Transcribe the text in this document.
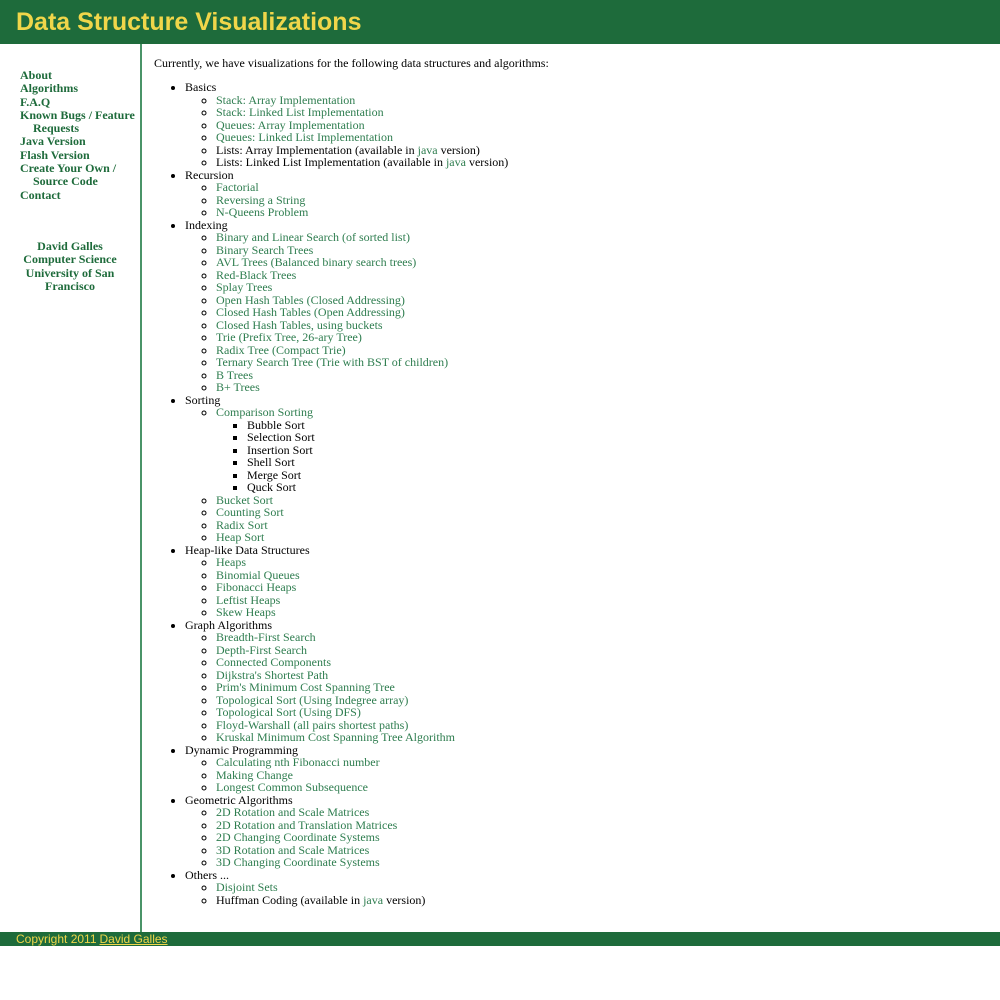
Data Structure Visualizations
About
Algorithms
F.A.Q
Known Bugs / Feature Requests
Java Version
Flash Version
Create Your Own / Source Code
Contact
David Galles
Computer Science
University of San Francisco

Currently, we have visualizations for the following data structures and algorithms:

• Basics
◦ Stack: Array Implementation
◦ Stack: Linked List Implementation
◦ Queues: Array Implementation
◦ Queues: Linked List Implementation
◦ Lists: Array Implementation (available in java version)
◦ Lists: Linked List Implementation (available in java version)
• Recursion
◦ Factorial
◦ Reversing a String
◦ N-Queens Problem
• Indexing
◦ Binary and Linear Search (of sorted list)
◦ Binary Search Trees
◦ AVL Trees (Balanced binary search trees)
◦ Red-Black Trees
◦ Splay Trees
◦ Open Hash Tables (Closed Addressing)
◦ Closed Hash Tables (Open Addressing)
◦ Closed Hash Tables, using buckets
◦ Trie (Prefix Tree, 26-ary Tree)
◦ Radix Tree (Compact Trie)
◦ Ternary Search Tree (Trie with BST of children)
◦ B Trees
◦ B+ Trees
• Sorting
◦ Comparison Sorting
▪ Bubble Sort
▪ Selection Sort
▪ Insertion Sort
▪ Shell Sort
▪ Merge Sort
▪ Quck Sort
◦ Bucket Sort
◦ Counting Sort
◦ Radix Sort
◦ Heap Sort
• Heap-like Data Structures
◦ Heaps
◦ Binomial Queues
◦ Fibonacci Heaps
◦ Leftist Heaps
◦ Skew Heaps
• Graph Algorithms
◦ Breadth-First Search
◦ Depth-First Search
◦ Connected Components
◦ Dijkstra's Shortest Path
◦ Prim's Minimum Cost Spanning Tree
◦ Topological Sort (Using Indegree array)
◦ Topological Sort (Using DFS)
◦ Floyd-Warshall (all pairs shortest paths)
◦ Kruskal Minimum Cost Spanning Tree Algorithm
• Dynamic Programming
◦ Calculating nth Fibonacci number
◦ Making Change
◦ Longest Common Subsequence
• Geometric Algorithms
◦ 2D Rotation and Scale Matrices
◦ 2D Rotation and Translation Matrices
◦ 2D Changing Coordinate Systems
◦ 3D Rotation and Scale Matrices
◦ 3D Changing Coordinate Systems
• Others ...
◦ Disjoint Sets
◦ Huffman Coding (available in java version)
Copyright 2011 David Galles
